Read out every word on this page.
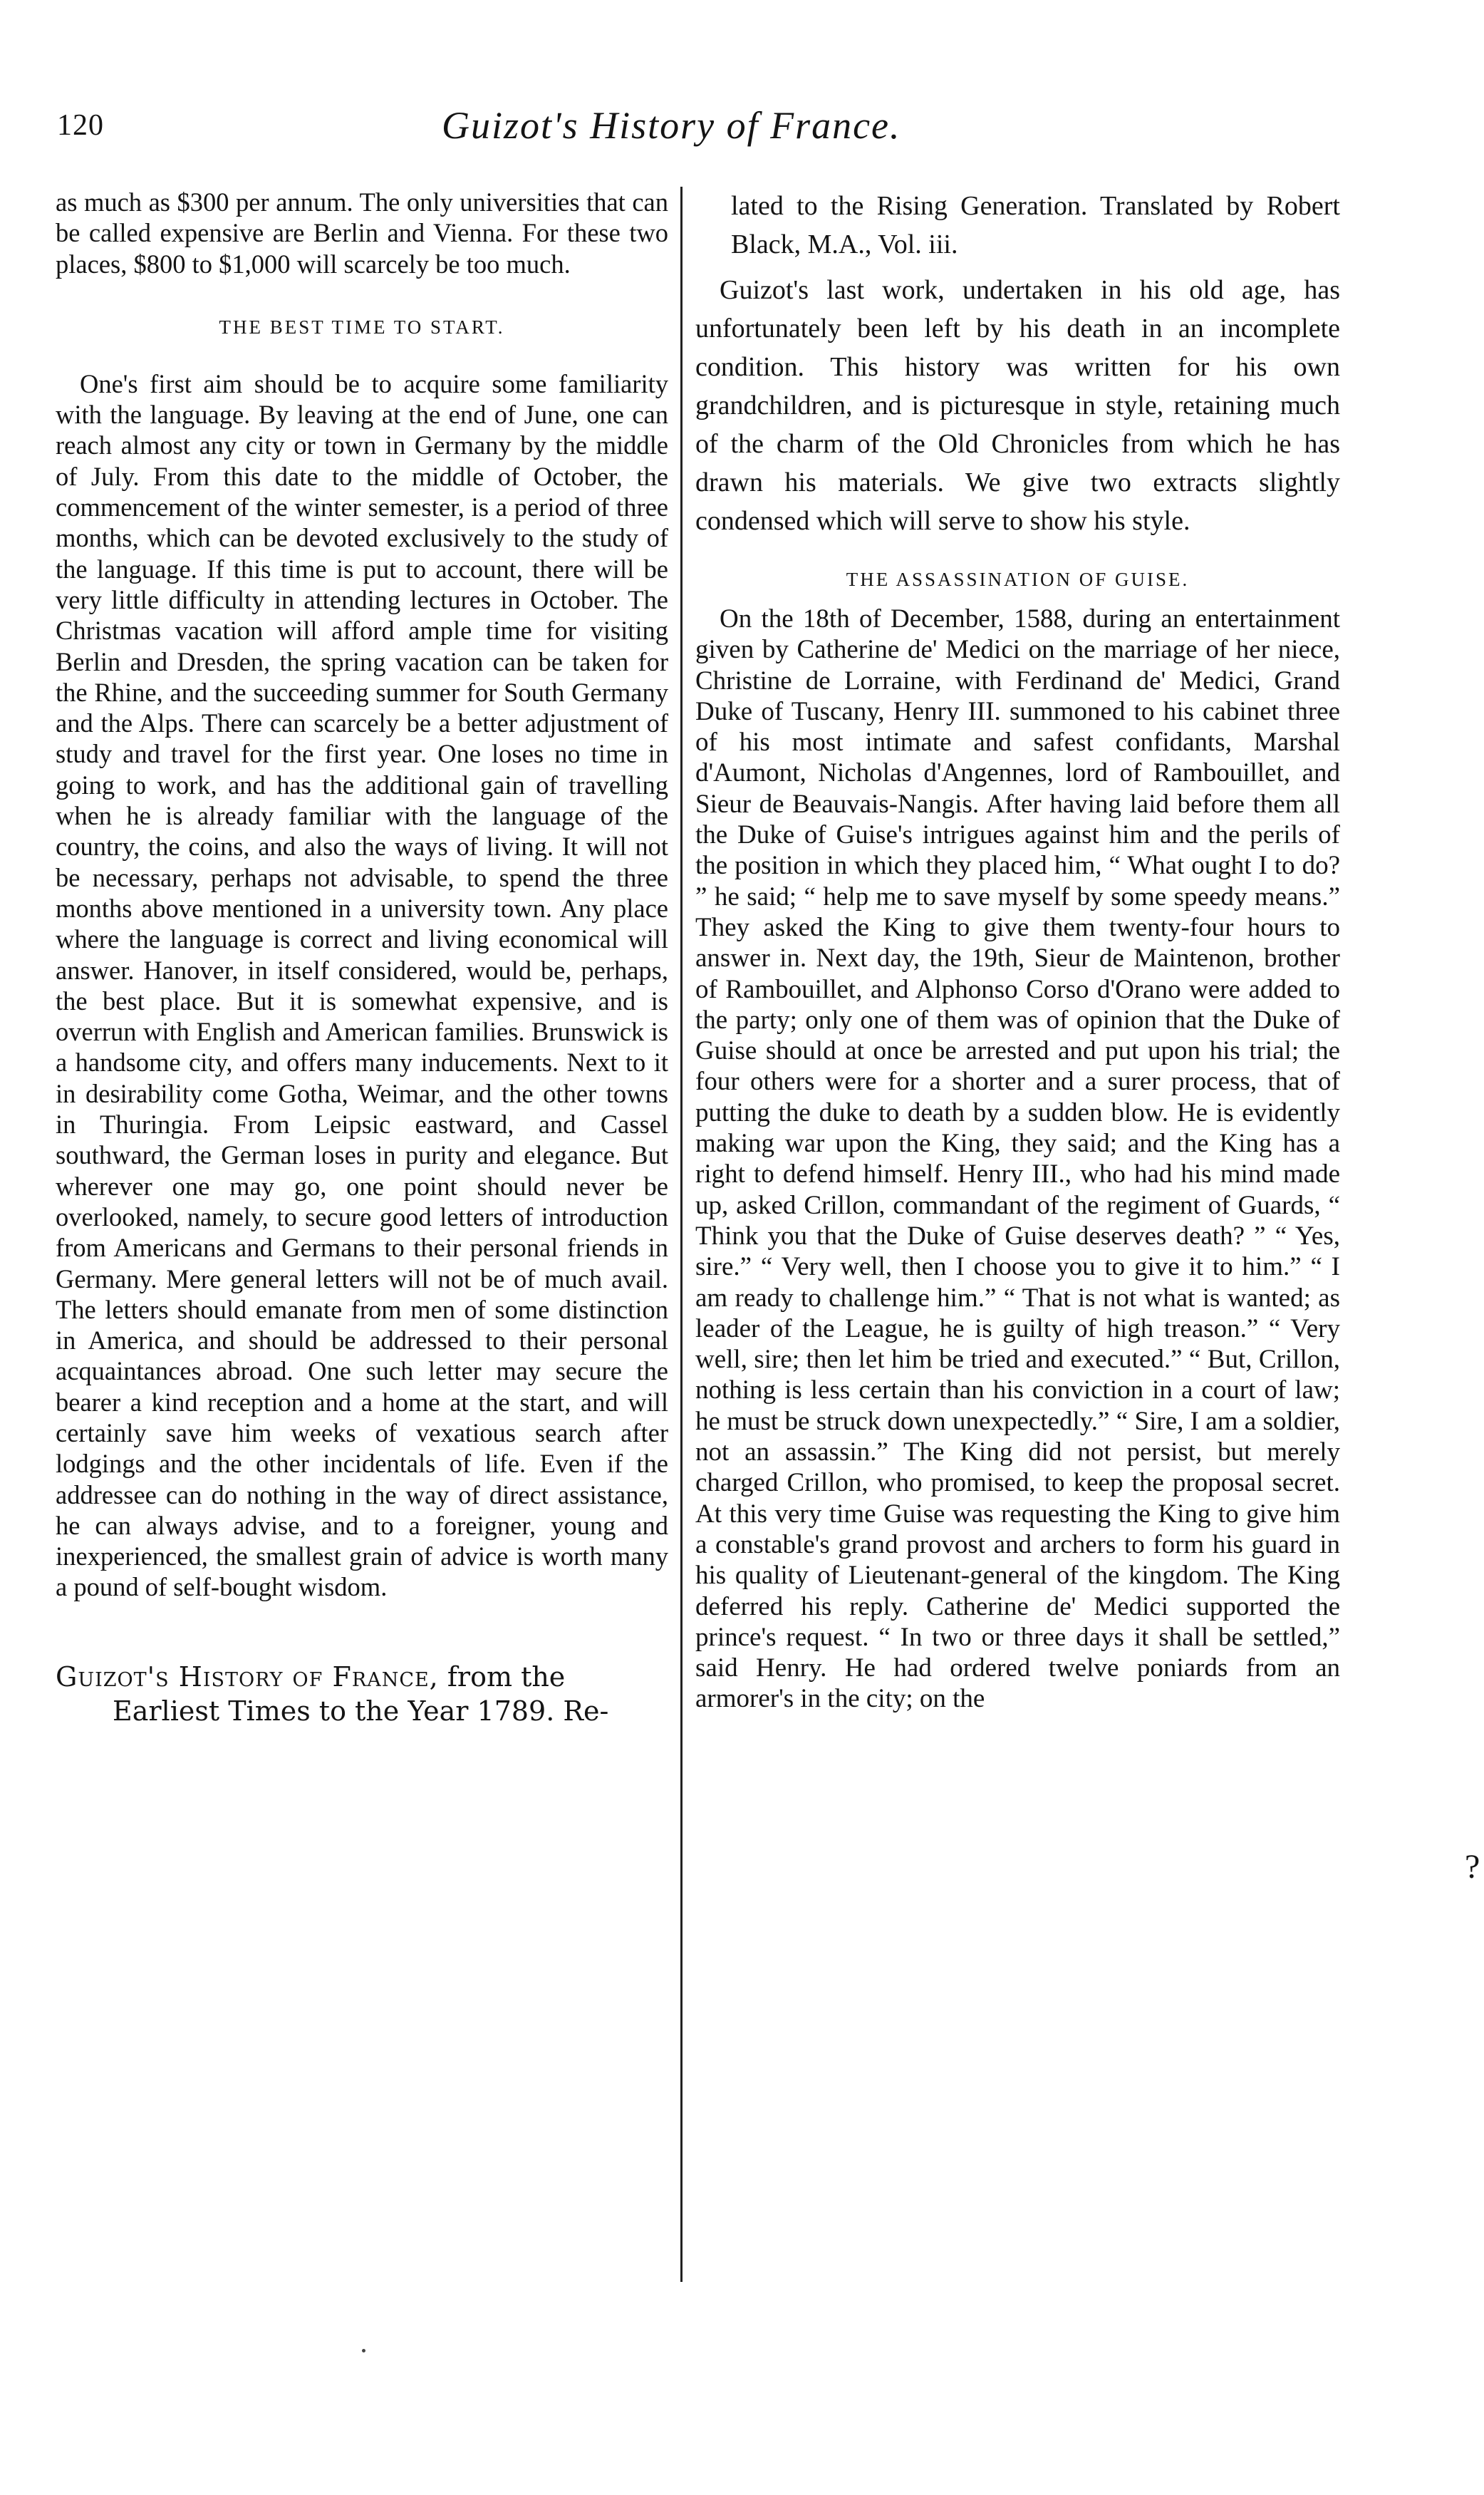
120	Guizot's History of France.

as much as $300 per annum. The only universities that can be called expensive are Berlin and Vienna. For these two places, $800 to $1,000 will scarcely be too much.

THE BEST TIME TO START.

One's first aim should be to acquire some familiarity with the language. By leaving at the end of June, one can reach almost any city or town in Germany by the middle of July. From this date to the middle of October, the commencement of the winter semester, is a period of three months, which can be devoted exclusively to the study of the language. If this time is put to account, there will be very little difficulty in attending lectures in October. The Christmas vacation will afford ample time for visiting Berlin and Dresden, the spring vacation can be taken for the Rhine, and the succeeding summer for South Germany and the Alps. There can scarcely be a better adjustment of study and travel for the first year. One loses no time in going to work, and has the additional gain of travelling when he is already familiar with the language of the country, the coins, and also the ways of living. It will not be necessary, perhaps not advisable, to spend the three months above mentioned in a university town. Any place where the language is correct and living economical will answer. Hanover, in itself considered, would be, perhaps, the best place. But it is somewhat expensive, and is overrun with English and American families. Brunswick is a handsome city, and offers many inducements. Next to it in desirability come Gotha, Weimar, and the other towns in Thuringia. From Leipsic eastward, and Cassel southward, the German loses in purity and elegance. But wherever one may go, one point should never be overlooked, namely, to secure good letters of introduction from Americans and Germans to their personal friends in Germany. Mere general letters will not be of much avail. The letters should emanate from men of some distinction in America, and should be addressed to their personal acquaintances abroad. One such letter may secure the bearer a kind reception and a home at the start, and will certainly save him weeks of vexatious search after lodgings and the other incidentals of life. Even if the addressee can do nothing in the way of direct assistance, he can always advise, and to a foreigner, young and inexperienced, the smallest grain of advice is worth many a pound of self-bought wisdom.

Guizot's History of France, from the
Earliest Times to the Year 1789. Re-

lated to the Rising Generation. Translated by Robert Black, M.A., Vol. iii.

Guizot's last work, undertaken in his old age, has unfortunately been left by his death in an incomplete condition. This history was written for his own grandchildren, and is picturesque in style, retaining much of the charm of the Old Chronicles from which he has drawn his materials. We give two extracts slightly condensed which will serve to show his style.

THE ASSASSINATION OF GUISE.

On the 18th of December, 1588, during an entertainment given by Catherine de' Medici on the marriage of her niece, Christine de Lorraine, with Ferdinand de' Medici, Grand Duke of Tuscany, Henry III. summoned to his cabinet three of his most intimate and safest confidants, Marshal d'Aumont, Nicholas d'Angennes, lord of Rambouillet, and Sieur de Beauvais-Nangis. After having laid before them all the Duke of Guise's intrigues against him and the perils of the position in which they placed him, “ What ought I to do? ” he said; “ help me to save myself by some speedy means.” They asked the King to give them twenty-four hours to answer in. Next day, the 19th, Sieur de Maintenon, brother of Rambouillet, and Alphonso Corso d'Orano were added to the party; only one of them was of opinion that the Duke of Guise should at once be arrested and put upon his trial; the four others were for a shorter and a surer process, that of putting the duke to death by a sudden blow. He is evidently making war upon the King, they said; and the King has a right to defend himself. Henry III., who had his mind made up, asked Crillon, commandant of the regiment of Guards, “ Think you that the Duke of Guise deserves death? ” “ Yes, sire.” “ Very well, then I choose you to give it to him.” “ I am ready to challenge him.” “ That is not what is wanted; as leader of the League, he is guilty of high treason.” “ Very well, sire; then let him be tried and executed.” “ But, Crillon, nothing is less certain than his conviction in a court of law; he must be struck down unexpectedly.” “ Sire, I am a soldier, not an assassin.” The King did not persist, but merely charged Crillon, who promised, to keep the proposal secret. At this very time Guise was requesting the King to give him a constable's grand provost and archers to form his guard in his quality of Lieutenant-general of the kingdom. The King deferred his reply. Catherine de' Medici supported the prince's request. “ In two or three days it shall be settled,” said Henry. He had ordered twelve poniards from an armorer's in the city; on the

?
